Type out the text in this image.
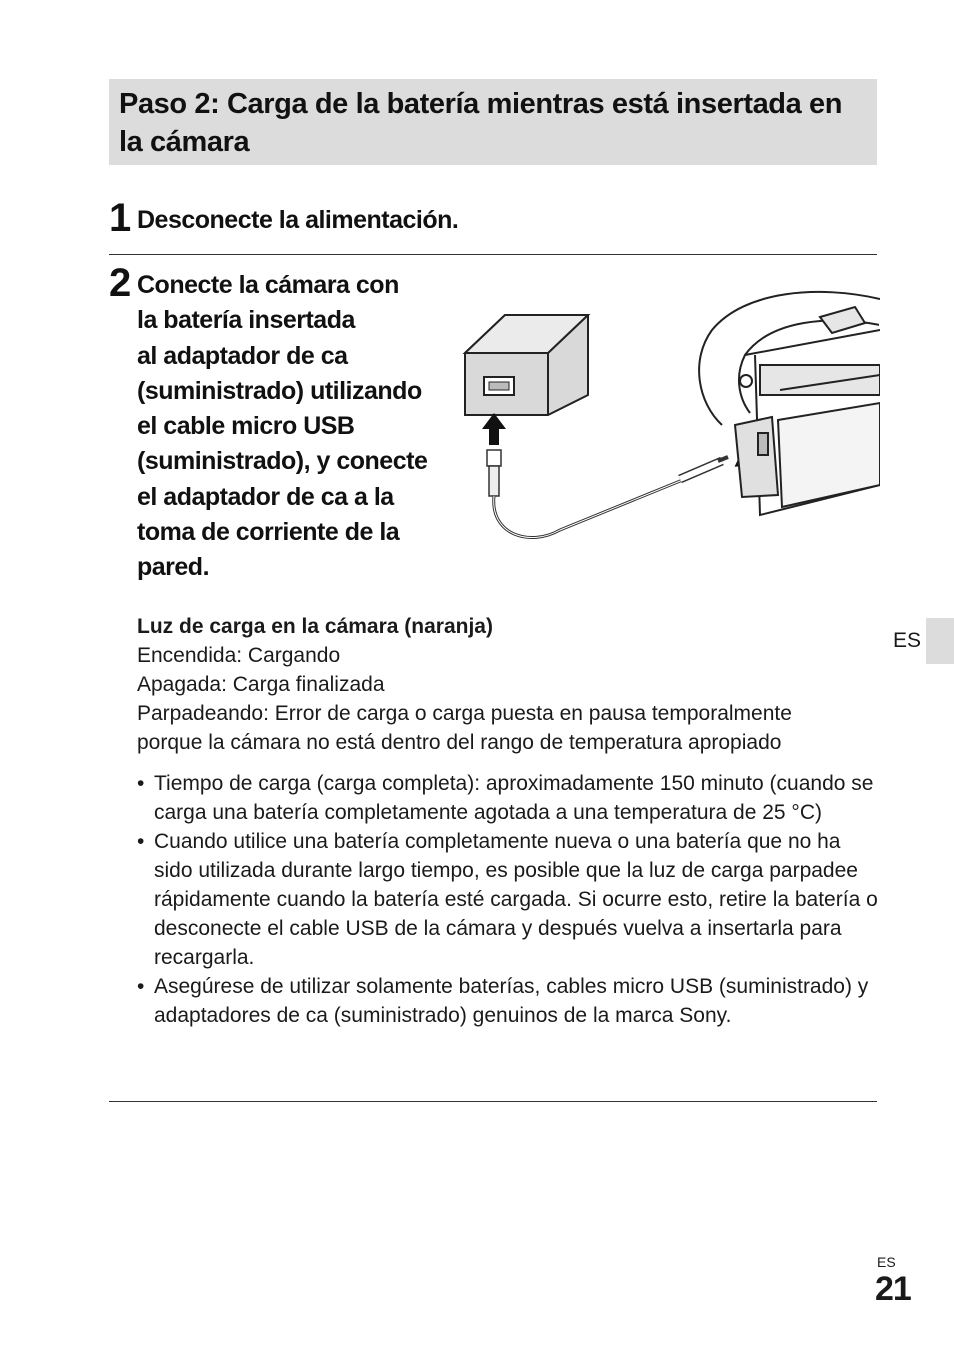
Paso 2: Carga de la batería mientras está insertada en la cámara
1 Desconecte la alimentación.
2 Conecte la cámara con
la batería insertada
al adaptador de ca
(suministrado) utilizando
el cable micro USB
(suministrado), y conecte
el adaptador de ca a la
toma de corriente de la
pared.
Luz de carga en la cámara (naranja)
Encendida: Cargando
Apagada: Carga finalizada
Parpadeando: Error de carga o carga puesta en pausa temporalmente
porque la cámara no está dentro del rango de temperatura apropiado
• Tiempo de carga (carga completa): aproximadamente 150 minuto (cuando se carga una batería completamente agotada a una temperatura de 25 °C)
• Cuando utilice una batería completamente nueva o una batería que no ha sido utilizada durante largo tiempo, es posible que la luz de carga parpadee rápidamente cuando la batería esté cargada. Si ocurre esto, retire la batería o desconecte el cable USB de la cámara y después vuelva a insertarla para recargarla.
• Asegúrese de utilizar solamente baterías, cables micro USB (suministrado) y adaptadores de ca (suministrado) genuinos de la marca Sony.
ES
ES
21
